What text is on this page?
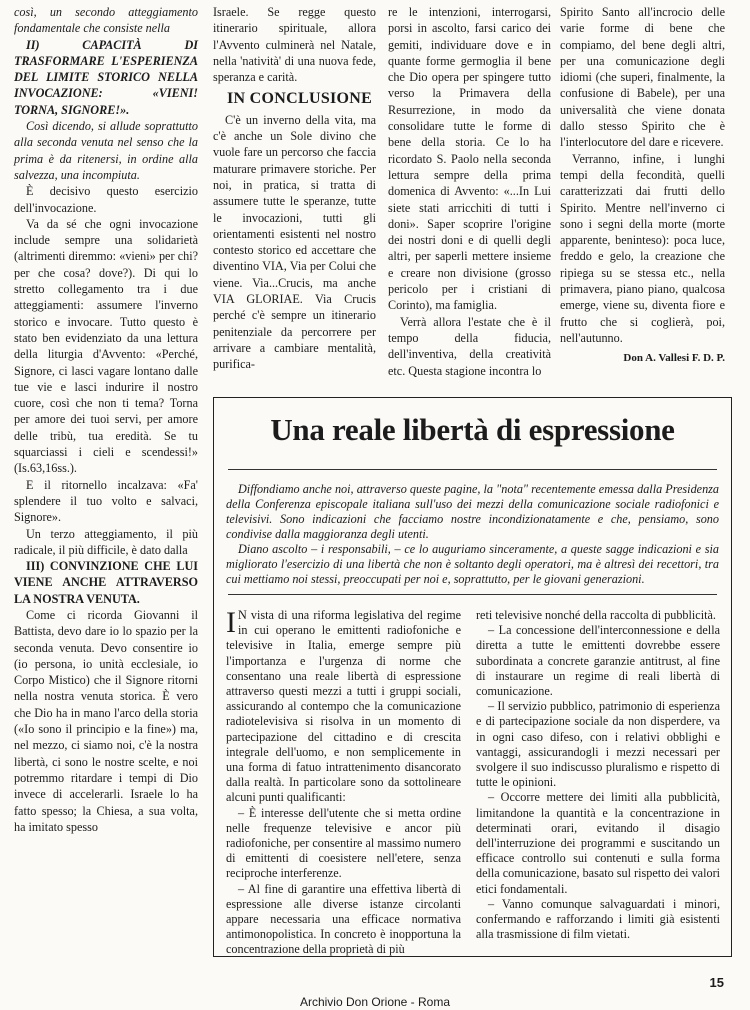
così, un secondo atteggiamento fondamentale che consiste nella

II) CAPACITÀ DI TRASFORMARE L'ESPERIENZA DEL LIMITE STORICO NELLA INVOCAZIONE: «VIENI! TORNA, SIGNORE!».

Così dicendo, si allude soprattutto alla seconda venuta nel senso che la prima è da ritenersi, in ordine alla salvezza, una incompiuta.

È decisivo questo esercizio dell'invocazione.

Va da sé che ogni invocazione include sempre una solidarietà (altrimenti diremmo: «vieni» per chi? per che cosa? dove?). Di qui lo stretto collegamento tra i due atteggiamenti: assumere l'inverno storico e invocare. Tutto questo è stato ben evidenziato da una lettura della liturgia d'Avvento: «Perché, Signore, ci lasci vagare lontano dalle tue vie e lasci indurire il nostro cuore, così che non ti tema? Torna per amore dei tuoi servi, per amore delle tribù, tua eredità. Se tu squarciassi i cieli e scendessi!» (Is.63,16ss.).

E il ritornello incalzava: «Fa' splendere il tuo volto e salvaci, Signore».

Un terzo atteggiamento, il più radicale, il più difficile, è dato dalla

III) CONVINZIONE CHE LUI VIENE ANCHE ATTRAVERSO LA NOSTRA VENUTA.

Come ci ricorda Giovanni il Battista, devo dare io lo spazio per la seconda venuta. Devo consentire io (io persona, io unità ecclesiale, io Corpo Mistico) che il Signore ritorni nella nostra venuta storica. È vero che Dio ha in mano l'arco della storia («Io sono il principio e la fine») ma, nel mezzo, ci siamo noi, c'è la nostra libertà, ci sono le nostre scelte, e noi potremmo ritardare i tempi di Dio invece di accelerarli. Israele lo ha fatto spesso; la Chiesa, a sua volta, ha imitato spesso

Israele. Se regge questo itinerario spirituale, allora l'Avvento culminerà nel Natale, nella 'natività' di una nuova fede, speranza e carità.

IN CONCLUSIONE

C'è un inverno della vita, ma c'è anche un Sole divino che vuole fare un percorso che faccia maturare primavere storiche. Per noi, in pratica, si tratta di assumere tutte le speranze, tutte le invocazioni, tutti gli orientamenti esistenti nel nostro contesto storico ed accettare che diventino VIA, Via per Colui che viene. Via...Crucis, ma anche VIA GLORIAE. Via Crucis perché c'è sempre un itinerario penitenziale da percorrere per arrivare a cambiare mentalità, purifica-

re le intenzioni, interrogarsi, porsi in ascolto, farsi carico dei gemiti, individuare dove e in quante forme germoglia il bene che Dio opera per spingere tutto verso la Primavera della Resurrezione, in modo da consolidare tutte le forme di bene della storia. Ce lo ha ricordato S. Paolo nella seconda lettura sempre della prima domenica di Avvento: «...In Lui siete stati arricchiti di tutti i doni». Saper scoprire l'origine dei nostri doni e di quelli degli altri, per saperli mettere insieme e creare non divisione (grosso pericolo per i cristiani di Corinto), ma famiglia.

Verrà allora l'estate che è il tempo della fiducia, dell'inventiva, della creatività etc. Questa stagione incontra lo

Spirito Santo all'incrocio delle varie forme di bene che compiamo, del bene degli altri, per una comunicazione degli idiomi (che superi, finalmente, la confusione di Babele), per una universalità che viene donata dallo stesso Spirito che è l'interlocutore del dare e ricevere.

Verranno, infine, i lunghi tempi della fecondità, quelli caratterizzati dai frutti dello Spirito. Mentre nell'inverno ci sono i segni della morte (morte apparente, beninteso): poca luce, freddo e gelo, la creazione che ripiega su se stessa etc., nella primavera, piano piano, qualcosa emerge, viene su, diventa fiore e frutto che si coglierà, poi, nell'autunno.

Don A. Vallesi F. D. P.
Una reale libertà di espressione

Diffondiamo anche noi, attraverso queste pagine, la "nota" recentemente emessa dalla Presidenza della Conferenza episcopale italiana sull'uso dei mezzi della comunicazione sociale radiofonici e televisivi. Sono indicazioni che facciamo nostre incondizionatamente e che, pensiamo, sono condivise dalla maggioranza degli utenti.

Diano ascolto – i responsabili, – ce lo auguriamo sinceramente, a queste sagge indicazioni e sia migliorato l'esercizio di una libertà che non è soltanto degli operatori, ma è altresì dei recettori, tra cui mettiamo noi stessi, preoccupati per noi e, soprattutto, per le giovani generazioni.

I N vista di una riforma legislativa del regime in cui operano le emittenti radiofoniche e televisive in Italia, emerge sempre più l'importanza e l'urgenza di norme che consentano una reale libertà di espressione attraverso questi mezzi a tutti i gruppi sociali, assicurando al contempo che la comunicazione radiotelevisiva si risolva in un momento di partecipazione del cittadino e di crescita integrale dell'uomo, e non semplicemente in una forma di fatuo intrattenimento disancorato dalla realtà. In particolare sono da sottolineare alcuni punti qualificanti:

– È interesse dell'utente che si metta ordine nelle frequenze televisive e ancor più radiofoniche, per consentire al massimo numero di emittenti di coesistere nell'etere, senza reciproche interferenze.

– Al fine di garantire una effettiva libertà di espressione alle diverse istanze circolanti appare necessaria una efficace normativa antimonopolistica. In concreto è inopportuna la concentrazione della proprietà di più

reti televisive nonché della raccolta di pubblicità.

– La concessione dell'interconnessione e della diretta a tutte le emittenti dovrebbe essere subordinata a concrete garanzie antitrust, al fine di instaurare un regime di reali libertà di comunicazione.

– Il servizio pubblico, patrimonio di esperienza e di partecipazione sociale da non disperdere, va in ogni caso difeso, con i relativi obblighi e vantaggi, assicurandogli i mezzi necessari per svolgere il suo indiscusso pluralismo e rispetto di tutte le opinioni.

– Occorre mettere dei limiti alla pubblicità, limitandone la quantità e la concentrazione in determinati orari, evitando il disagio dell'interruzione dei programmi e suscitando un efficace controllo sui contenuti e sulla forma della comunicazione, basato sul rispetto dei valori etici fondamentali.

– Vanno comunque salvaguardati i minori, confermando e rafforzando i limiti già esistenti alla trasmissione di film vietati.

15
Archivio Don Orione - Roma
